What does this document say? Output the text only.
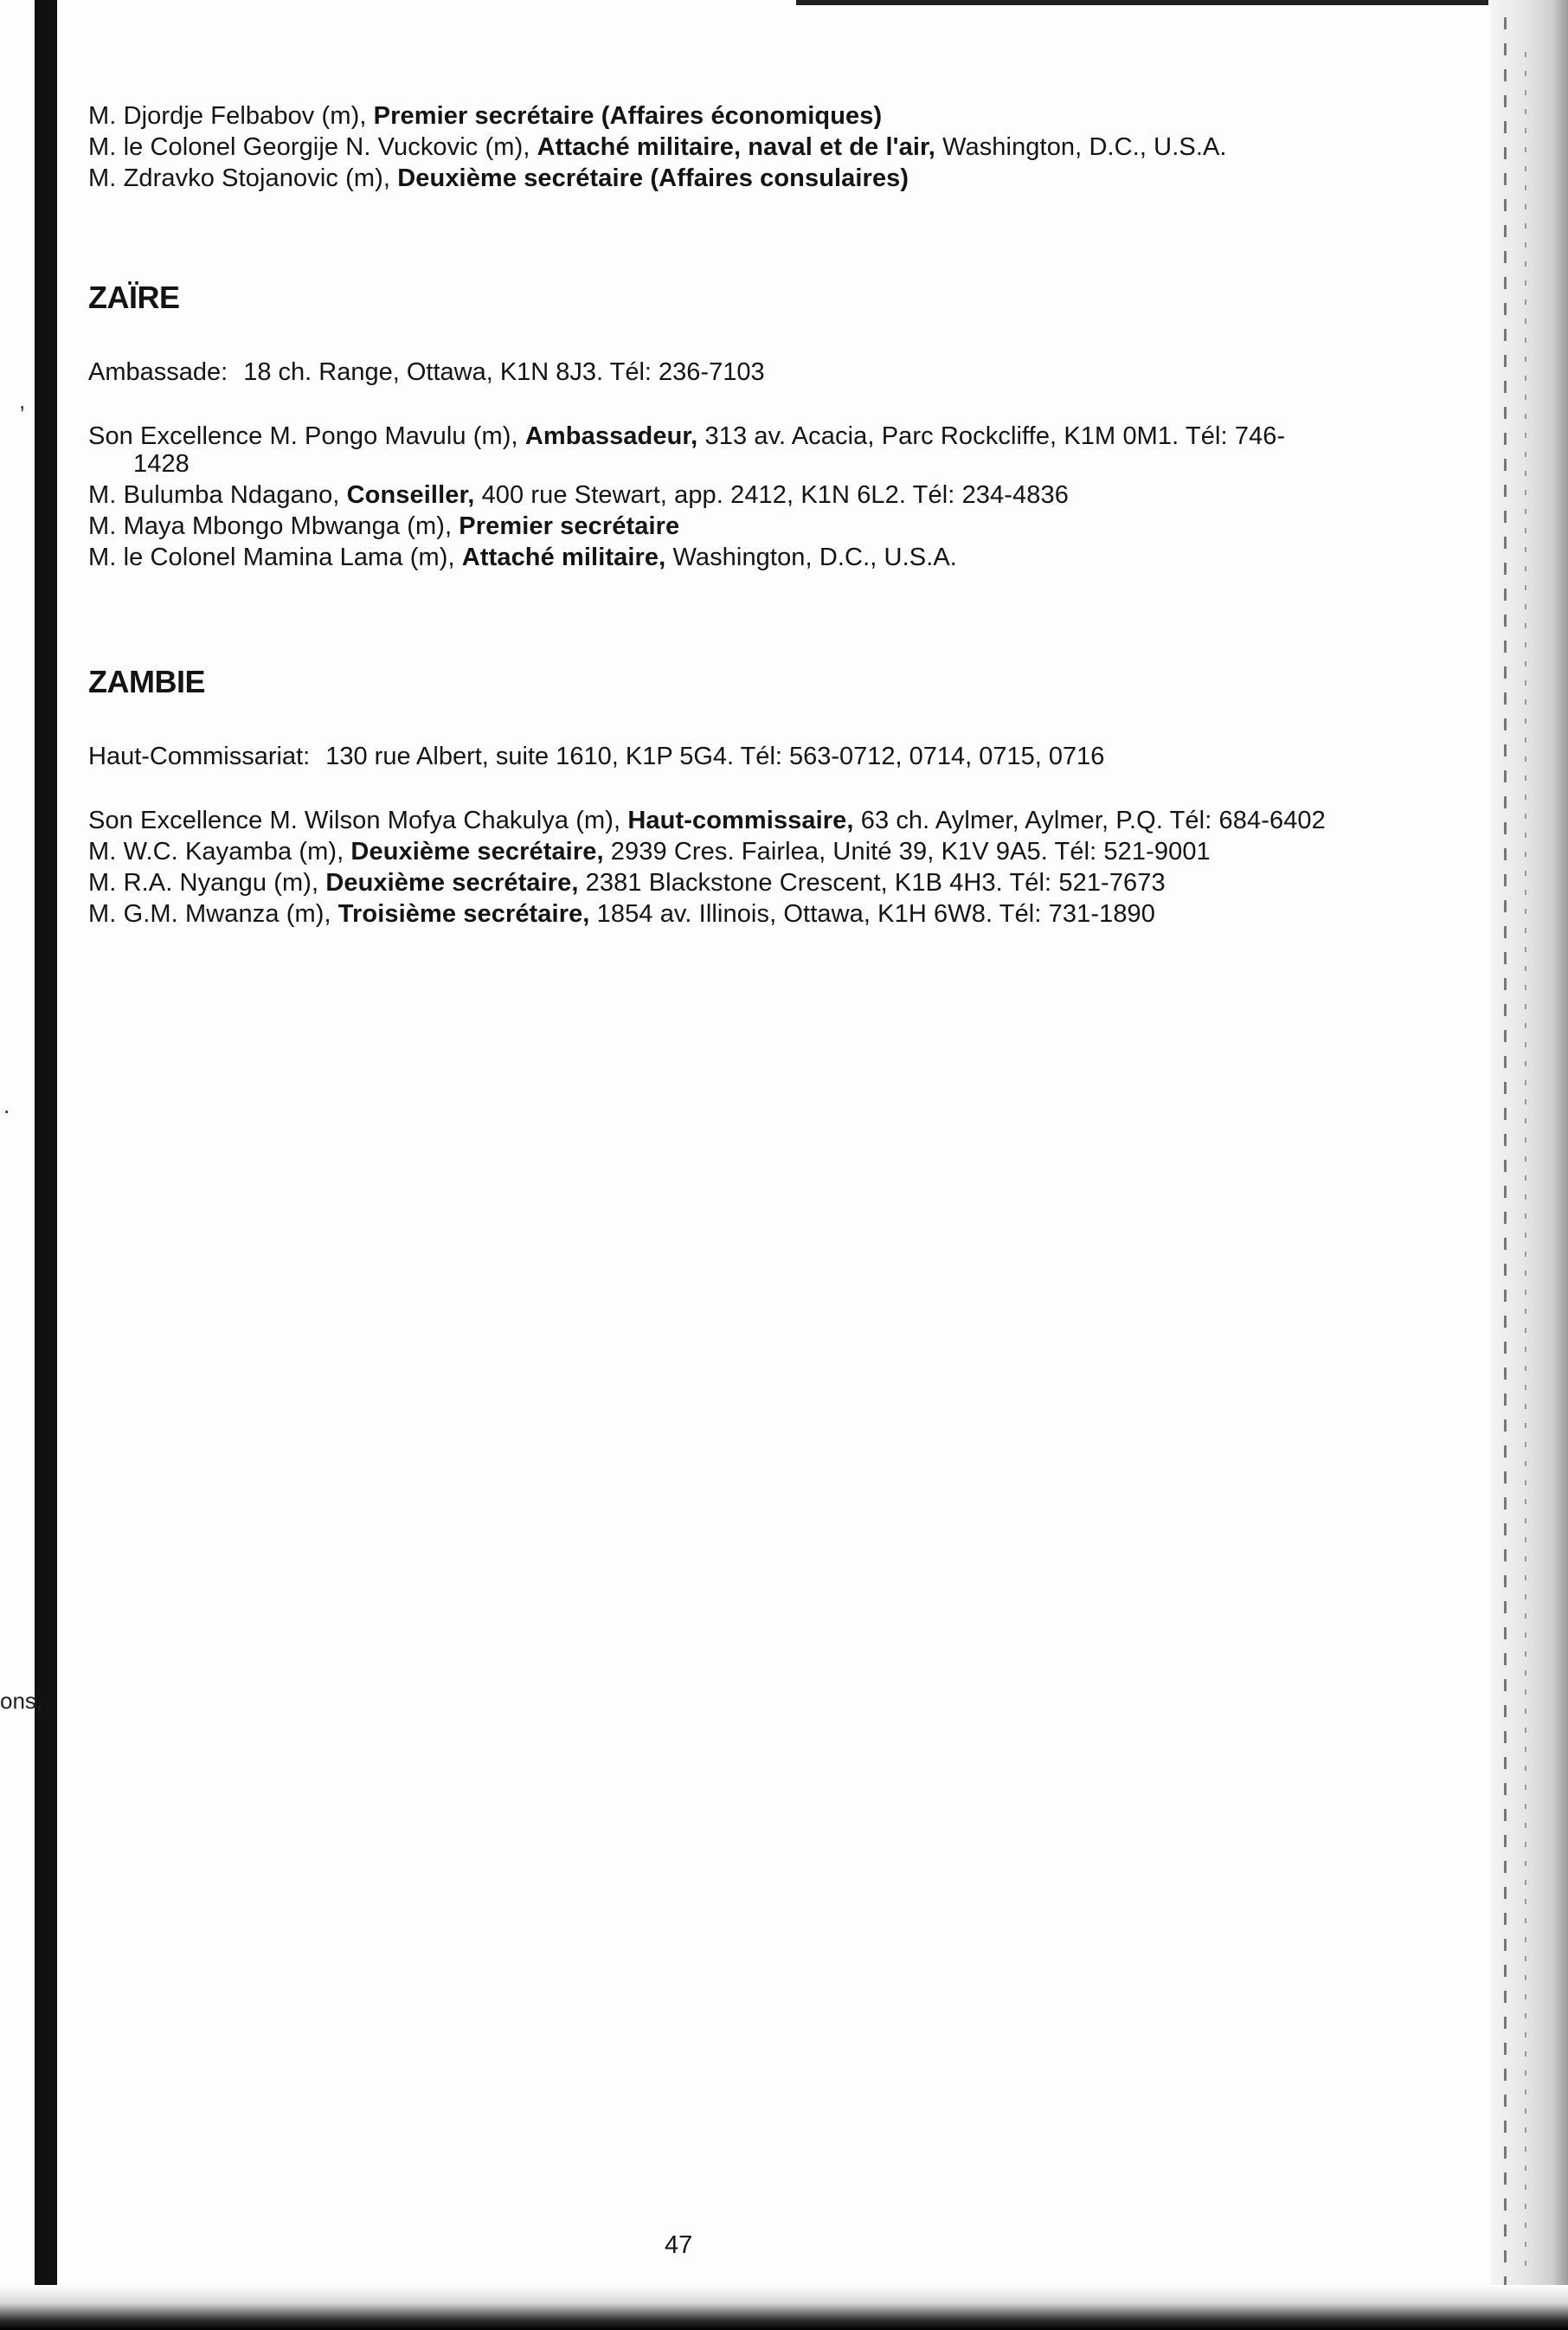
,
.
ons,

M. Djordje Felbabov (m), Premier secrétaire (Affaires économiques)

M. le Colonel Georgije N. Vuckovic (m), Attaché militaire, naval et de l'air, Washington, D.C., U.S.A.

M. Zdravko Stojanovic (m), Deuxième secrétaire (Affaires consulaires)

ZAÏRE

Ambassade: 18 ch. Range, Ottawa, K1N 8J3. Tél: 236-7103

Son Excellence M. Pongo Mavulu (m), Ambassadeur, 313 av. Acacia, Parc Rockcliffe, K1M 0M1. Tél: 746-1428

M. Bulumba Ndagano, Conseiller, 400 rue Stewart, app. 2412, K1N 6L2. Tél: 234-4836

M. Maya Mbongo Mbwanga (m), Premier secrétaire

M. le Colonel Mamina Lama (m), Attaché militaire, Washington, D.C., U.S.A.

ZAMBIE

Haut-Commissariat: 130 rue Albert, suite 1610, K1P 5G4. Tél: 563-0712, 0714, 0715, 0716

Son Excellence M. Wilson Mofya Chakulya (m), Haut-commissaire, 63 ch. Aylmer, Aylmer, P.Q. Tél: 684-6402

M. W.C. Kayamba (m), Deuxième secrétaire, 2939 Cres. Fairlea, Unité 39, K1V 9A5. Tél: 521-9001

M. R.A. Nyangu (m), Deuxième secrétaire, 2381 Blackstone Crescent, K1B 4H3. Tél: 521-7673

M. G.M. Mwanza (m), Troisième secrétaire, 1854 av. Illinois, Ottawa, K1H 6W8. Tél: 731-1890

47
